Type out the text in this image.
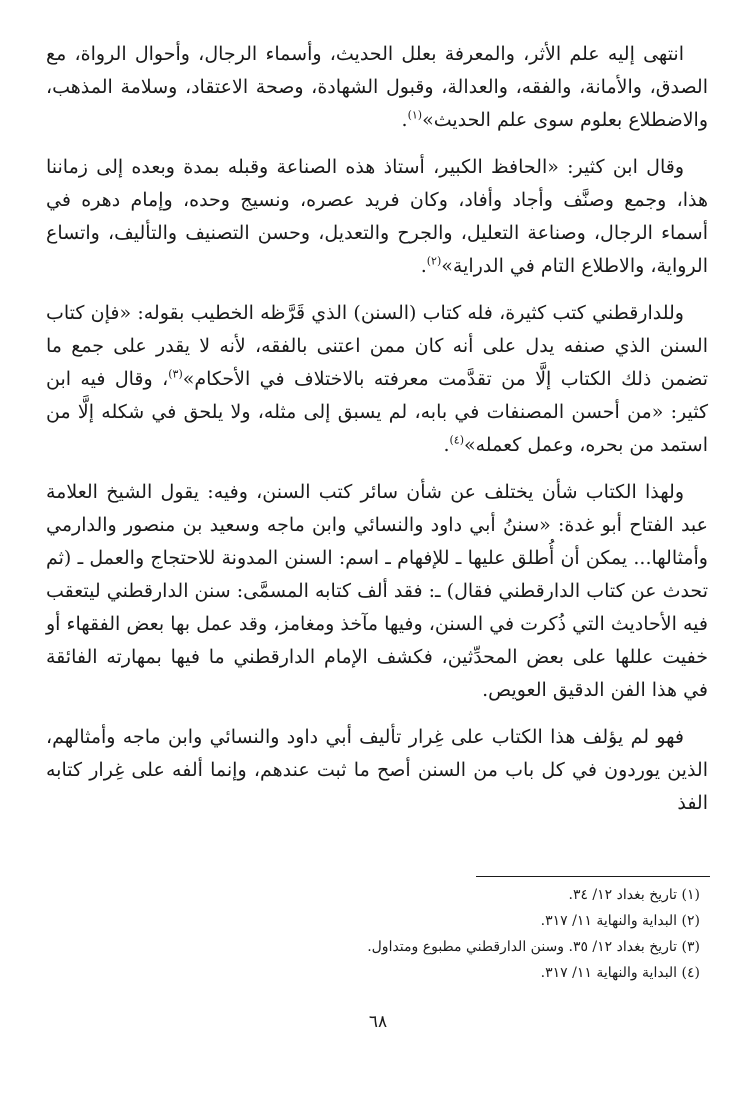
انتهى إليه علم الأثر، والمعرفة بعلل الحديث، وأسماء الرجال، وأحوال الرواة، مع الصدق، والأمانة، والفقه، والعدالة، وقبول الشهادة، وصحة الاعتقاد، وسلامة المذهب، والاضطلاع بعلوم سوى علم الحديث»$^{(١)}$.

وقال ابن كثير: «الحافظ الكبير، أستاذ هذه الصناعة وقبله بمدة وبعده إلى زماننا هذا، وجمع وصنَّف وأجاد وأفاد، وكان فريد عصره، ونسيج وحده، وإمام دهره في أسماء الرجال، وصناعة التعليل، والجرح والتعديل، وحسن التصنيف والتأليف، واتساع الرواية، والاطلاع التام في الدراية»$^{(٢)}$.

وللدارقطني كتب كثيرة، فله كتاب (السنن) الذي قَرَّظه الخطيب بقوله: «فإن كتاب السنن الذي صنفه يدل على أنه كان ممن اعتنى بالفقه، لأنه لا يقدر على جمع ما تضمن ذلك الكتاب إلَّا من تقدَّمت معرفته بالاختلاف في الأحكام»$^{(٣)}$، وقال فيه ابن كثير: «من أحسن المصنفات في بابه، لم يسبق إلى مثله، ولا يلحق في شكله إلَّا من استمد من بحره، وعمل كعمله»$^{(٤)}$.

ولهذا الكتاب شأن يختلف عن شأن سائر كتب السنن، وفيه: يقول الشيخ العلامة عبد الفتاح أبو غدة: «سننُ أبي داود والنسائي وابن ماجه وسعيد بن منصور والدارمي وأمثالها... يمكن أن أُطلق عليها ـ للإفهام ـ اسم: السنن المدونة للاحتجاج والعمل ـ (ثم تحدث عن كتاب الدارقطني فقال) ـ: فقد ألف كتابه المسمَّى: سنن الدارقطني ليتعقب فيه الأحاديث التي ذُكرت في السنن، وفيها مآخذ ومغامز، وقد عمل بها بعض الفقهاء أو خفيت عللها على بعض المحدِّثين، فكشف الإمام الدارقطني ما فيها بمهارته الفائقة في هذا الفن الدقيق العويص.

فهو لم يؤلف هذا الكتاب على غِرار تأليف أبي داود والنسائي وابن ماجه وأمثالهم، الذين يوردون في كل باب من السنن أصح ما ثبت عندهم، وإنما ألفه على غِرار كتابه الفذ

(١) تاريخ بغداد ١٢/ ٣٤.

(٢) البداية والنهاية ١١/ ٣١٧.

(٣) تاريخ بغداد ١٢/ ٣٥. وسنن الدارقطني مطبوع ومتداول.

(٤) البداية والنهاية ١١/ ٣١٧.

٦٨
